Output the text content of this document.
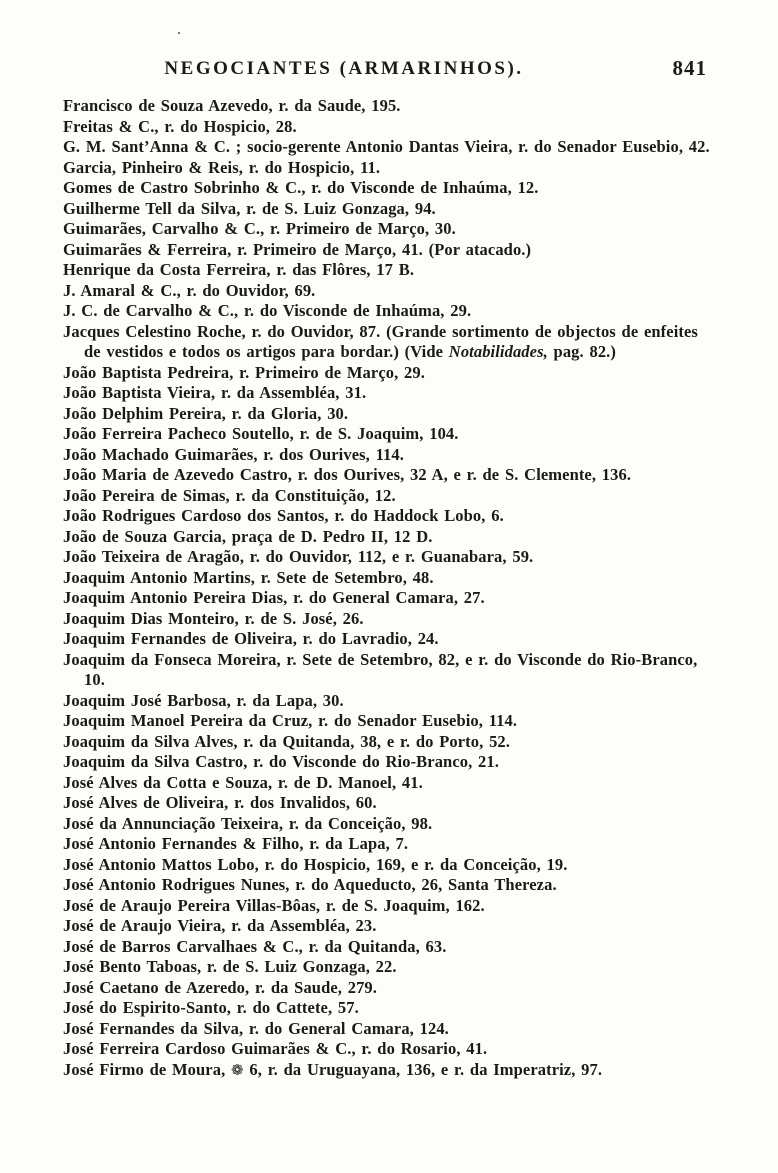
NEGOCIANTES (ARMARINHOS).	841
Francisco de Souza Azevedo, r. da Saude, 195.
Freitas & C., r. do Hospicio, 28.
G. M. Sant’Anna & C. ; socio-gerente Antonio Dantas Vieira, r. do Senador Eusebio, 42.
Garcia, Pinheiro & Reis, r. do Hospicio, 11.
Gomes de Castro Sobrinho & C., r. do Visconde de Inhaúma, 12.
Guilherme Tell da Silva, r. de S. Luiz Gonzaga, 94.
Guimarães, Carvalho & C., r. Primeiro de Março, 30.
Guimarães & Ferreira, r. Primeiro de Março, 41. (Por atacado.)
Henrique da Costa Ferreira, r. das Flôres, 17 B.
J. Amaral & C., r. do Ouvidor, 69.
J. C. de Carvalho & C., r. do Visconde de Inhaúma, 29.
Jacques Celestino Roche, r. do Ouvidor, 87. (Grande sortimento de objectos de enfeites de vestidos e todos os artigos para bordar.) (Vide Notabilidades, pag. 82.)
João Baptista Pedreira, r. Primeiro de Março, 29.
João Baptista Vieira, r. da Assembléa, 31.
João Delphim Pereira, r. da Gloria, 30.
João Ferreira Pacheco Soutello, r. de S. Joaquim, 104.
João Machado Guimarães, r. dos Ourives, 114.
João Maria de Azevedo Castro, r. dos Ourives, 32 A, e r. de S. Clemente, 136.
João Pereira de Simas, r. da Constituição, 12.
João Rodrigues Cardoso dos Santos, r. do Haddock Lobo, 6.
João de Souza Garcia, praça de D. Pedro II, 12 D.
João Teixeira de Aragão, r. do Ouvidor, 112, e r. Guanabara, 59.
Joaquim Antonio Martins, r. Sete de Setembro, 48.
Joaquim Antonio Pereira Dias, r. do General Camara, 27.
Joaquim Dias Monteiro, r. de S. José, 26.
Joaquim Fernandes de Oliveira, r. do Lavradio, 24.
Joaquim da Fonseca Moreira, r. Sete de Setembro, 82, e r. do Visconde do Rio-Branco, 10.
Joaquim José Barbosa, r. da Lapa, 30.
Joaquim Manoel Pereira da Cruz, r. do Senador Eusebio, 114.
Joaquim da Silva Alves, r. da Quitanda, 38, e r. do Porto, 52.
Joaquim da Silva Castro, r. do Visconde do Rio-Branco, 21.
José Alves da Cotta e Souza, r. de D. Manoel, 41.
José Alves de Oliveira, r. dos Invalidos, 60.
José da Annunciação Teixeira, r. da Conceição, 98.
José Antonio Fernandes & Filho, r. da Lapa, 7.
José Antonio Mattos Lobo, r. do Hospicio, 169, e r. da Conceição, 19.
José Antonio Rodrigues Nunes, r. do Aqueducto, 26, Santa Thereza.
José de Araujo Pereira Villas-Bôas, r. de S. Joaquim, 162.
José de Araujo Vieira, r. da Assembléa, 23.
José de Barros Carvalhaes & C., r. da Quitanda, 63.
José Bento Taboas, r. de S. Luiz Gonzaga, 22.
José Caetano de Azeredo, r. da Saude, 279.
José do Espirito-Santo, r. do Cattete, 57.
José Fernandes da Silva, r. do General Camara, 124.
José Ferreira Cardoso Guimarães & C., r. do Rosario, 41.
José Firmo de Moura, ❁ 6, r. da Uruguayana, 136, e r. da Imperatriz, 97.
